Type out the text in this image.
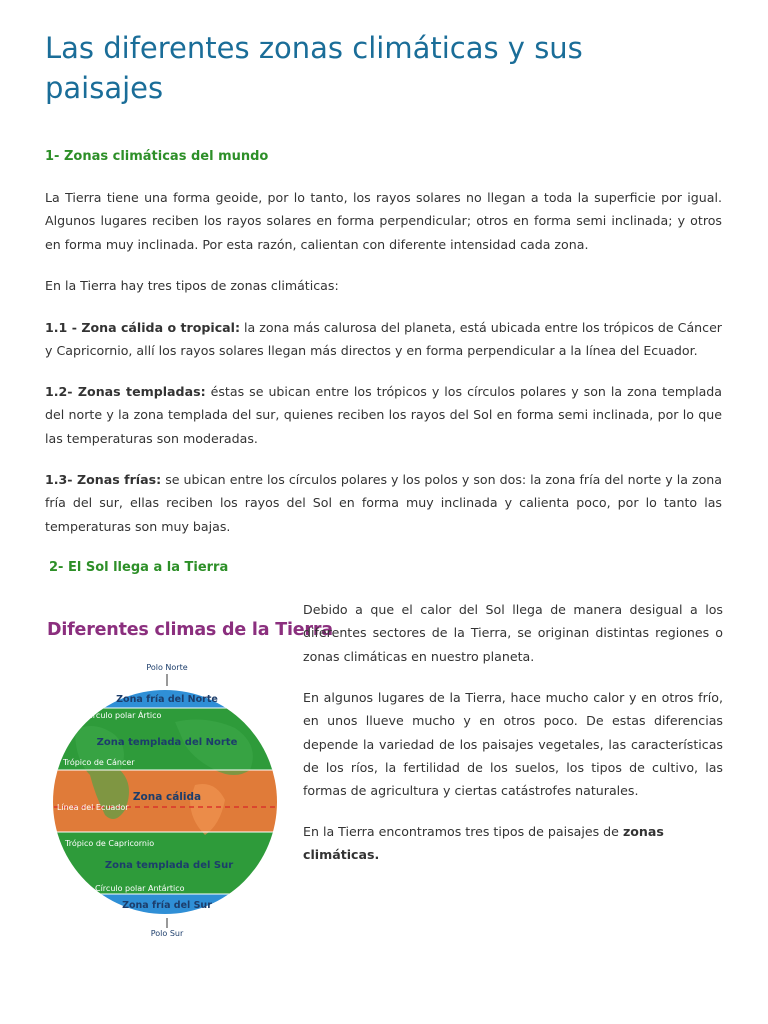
Las diferentes zonas climáticas y sus paisajes
1- Zonas climáticas del mundo

La Tierra tiene una forma geoide, por lo tanto, los rayos solares no llegan a toda la superficie por igual. Algunos lugares reciben los rayos solares en forma perpendicular; otros en forma semi inclinada; y otros en forma muy inclinada. Por esta razón, calientan con diferente intensidad cada zona.

En la Tierra hay tres tipos de zonas climáticas:

1.1 - Zona cálida o tropical: la zona más calurosa del planeta, está ubicada entre los trópicos de Cáncer y Capricornio, allí los rayos solares llegan más directos y en forma perpendicular a la línea del Ecuador.

1.2- Zonas templadas: éstas se ubican entre los trópicos y los círculos polares y son la zona templada del norte y la zona templada del sur, quienes reciben los rayos del Sol en forma semi inclinada, por lo que las temperaturas son moderadas.

1.3- Zonas frías: se ubican entre los círculos polares y los polos y son dos: la zona fría del norte y la zona fría del sur, ellas reciben los rayos del Sol en forma muy inclinada y calienta poco, por lo tanto las temperaturas son muy bajas.

2- El Sol llega a la Tierra
Diferentes climas de la Tierra
Polo Norte
Zona fría del Norte
Círculo polar Ártico
Zona templada del Norte
Trópico de Cáncer
Zona cálida
Línea del Ecuador
Trópico de Capricornio
Zona templada del Sur
Círculo polar Antártico
Zona fría del Sur
Polo Sur

Debido a que el calor del Sol llega de manera desigual a los diferentes sectores de la Tierra, se originan distintas regiones o zonas climáticas en nuestro planeta.

En algunos lugares de la Tierra, hace mucho calor y en otros frío, en unos llueve mucho y en otros poco. De estas diferencias depende la variedad de los paisajes vegetales, las características de los ríos, la fertilidad de los suelos, los tipos de cultivo, las formas de agricultura y ciertas catástrofes naturales.

En la Tierra encontramos tres tipos de paisajes de zonas climáticas.
